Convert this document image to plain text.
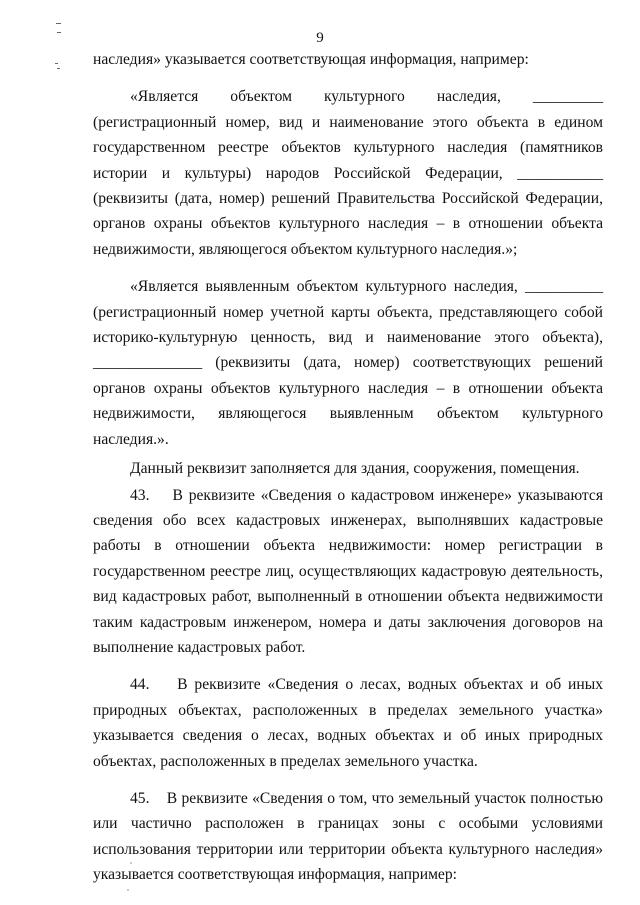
9

наследия» указывается соответствующая информация, например:

«Является объектом культурного наследия, _________ (регистрационный номер, вид и наименование этого объекта в едином государственном реестре объектов культурного наследия (памятников истории и культуры) народов Российской Федерации, ___________ (реквизиты (дата, номер) решений Правительства Российской Федерации, органов охраны объектов культурного наследия – в отношении объекта недвижимости, являющегося объектом культурного наследия.»;

«Является выявленным объектом культурного наследия, __________ (регистрационный номер учетной карты объекта, представляющего собой историко-культурную ценность, вид и наименование этого объекта), ______________ (реквизиты (дата, номер) соответствующих решений органов охраны объектов культурного наследия – в отношении объекта недвижимости, являющегося выявленным объектом культурного наследия.».

Данный реквизит заполняется для здания, сооружения, помещения.

43.    В реквизите «Сведения о кадастровом инженере» указываются сведения обо всех кадастровых инженерах, выполнявших кадастровые работы в отношении объекта недвижимости: номер регистрации в государственном реестре лиц, осуществляющих кадастровую деятельность, вид кадастровых работ, выполненный в отношении объекта недвижимости таким кадастровым инженером, номера и даты заключения договоров на выполнение кадастровых работ.

44.    В реквизите «Сведения о лесах, водных объектах и об иных природных объектах, расположенных в пределах земельного участка» указывается сведения о лесах, водных объектах и об иных природных объектах, расположенных в пределах земельного участка.

45.    В реквизите «Сведения о том, что земельный участок полностью или частично расположен в границах зоны с особыми условиями использования территории или территории объекта культурного наследия» указывается соответствующая информация, например:
